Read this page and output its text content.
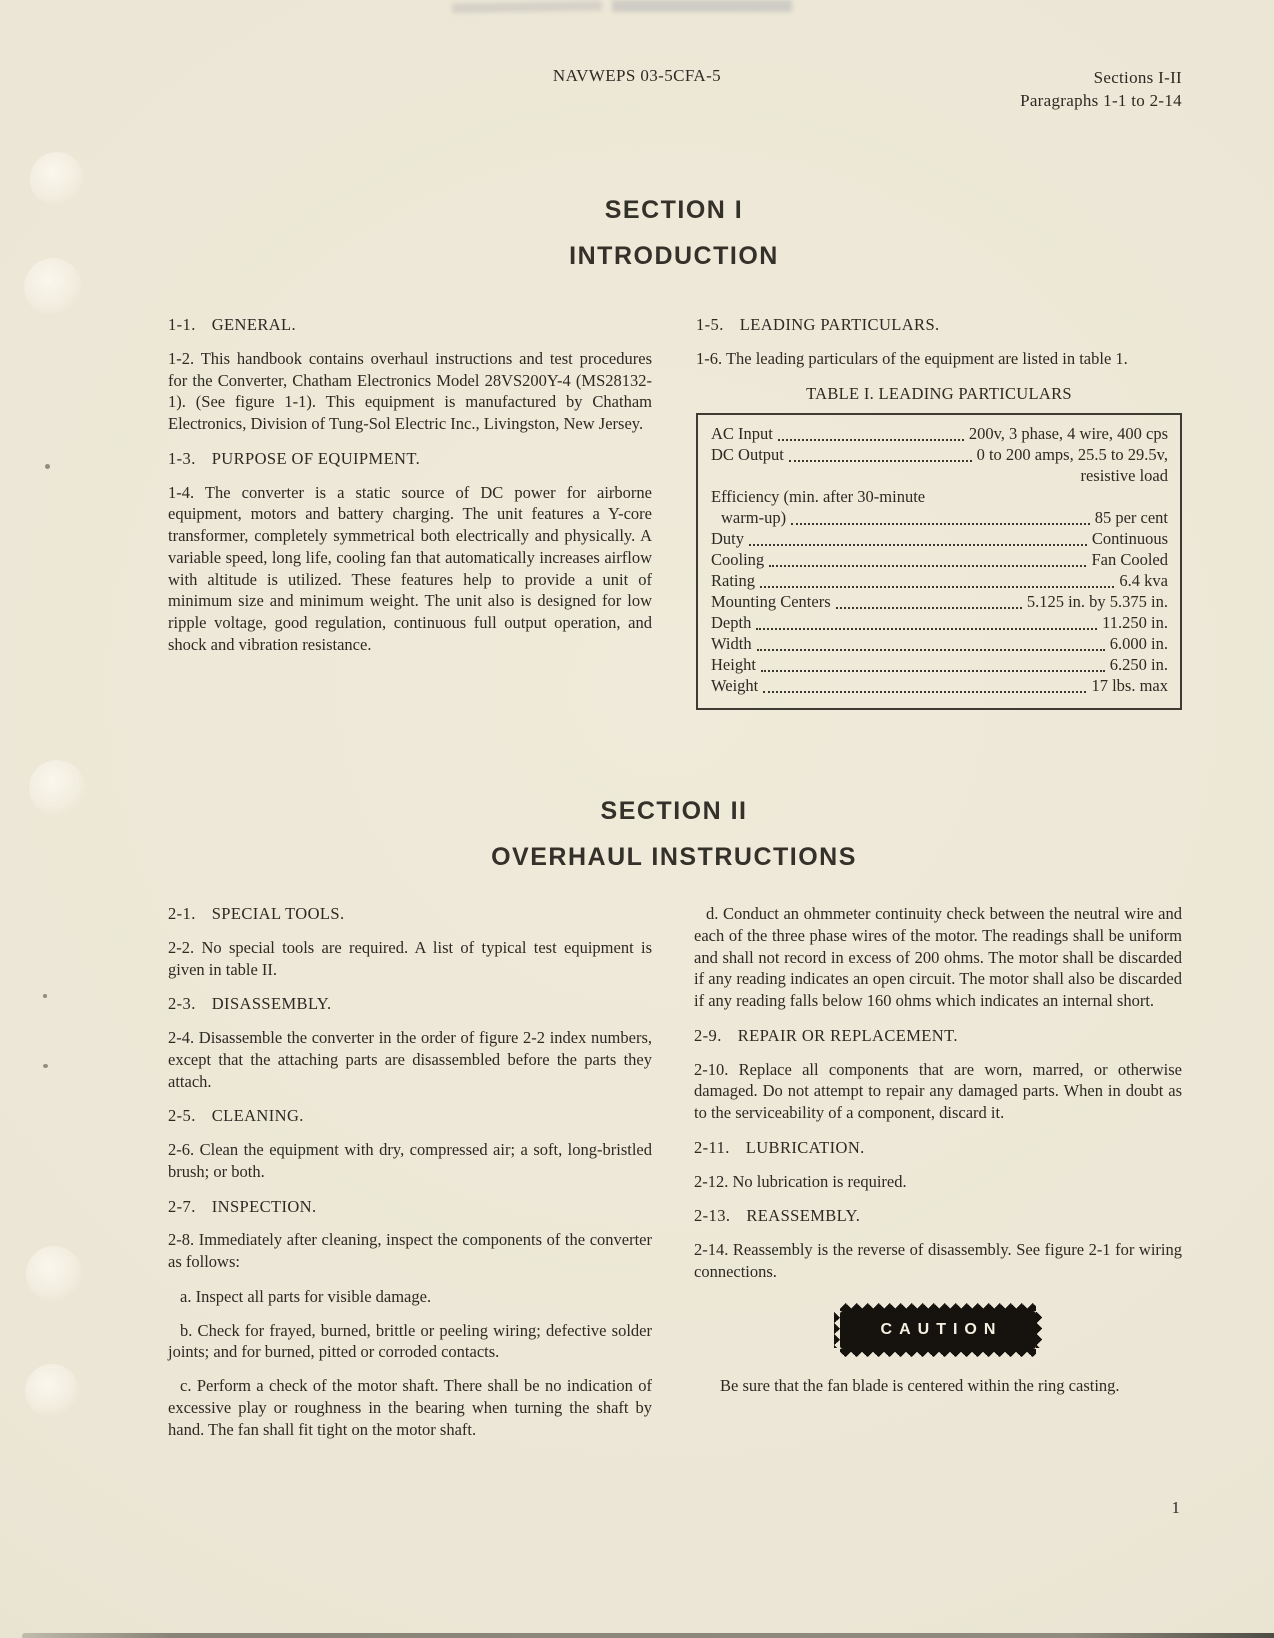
NAVWEPS 03-5CFA-5	Sections I-II
Paragraphs 1-1 to 2-14
SECTION I
INTRODUCTION

1-1. GENERAL.

1-2. This handbook contains overhaul instructions and test procedures for the Converter, Chatham Electronics Model 28VS200Y-4 (MS28132-1). (See figure 1-1). This equipment is manufactured by Chatham Electronics, Division of Tung-Sol Electric Inc., Livingston, New Jersey.

1-3. PURPOSE OF EQUIPMENT.

1-4. The converter is a static source of DC power for airborne equipment, motors and battery charging. The unit features a Y-core transformer, completely symmetrical both electrically and physically. A variable speed, long life, cooling fan that automatically increases airflow with altitude is utilized. These features help to provide a unit of minimum size and minimum weight. The unit also is designed for low ripple voltage, good regulation, continuous full output operation, and shock and vibration resistance.

1-5. LEADING PARTICULARS.

1-6. The leading particulars of the equipment are listed in table 1.

TABLE I. LEADING PARTICULARS
AC Input	200v, 3 phase, 4 wire, 400 cps
DC Output	0 to 200 amps, 25.5 to 29.5v,
resistive load
Efficiency (min. after 30-minute
warm-up)	85 per cent
Duty	Continuous
Cooling	Fan Cooled
Rating	6.4 kva
Mounting Centers	5.125 in. by 5.375 in.
Depth	11.250 in.
Width	6.000 in.
Height	6.250 in.
Weight	17 lbs. max
SECTION II
OVERHAUL INSTRUCTIONS

2-1. SPECIAL TOOLS.

2-2. No special tools are required. A list of typical test equipment is given in table II.

2-3. DISASSEMBLY.

2-4. Disassemble the converter in the order of figure 2-2 index numbers, except that the attaching parts are disassembled before the parts they attach.

2-5. CLEANING.

2-6. Clean the equipment with dry, compressed air; a soft, long-bristled brush; or both.

2-7. INSPECTION.

2-8. Immediately after cleaning, inspect the components of the converter as follows:

a. Inspect all parts for visible damage.

b. Check for frayed, burned, brittle or peeling wiring; defective solder joints; and for burned, pitted or corroded contacts.

c. Perform a check of the motor shaft. There shall be no indication of excessive play or roughness in the bearing when turning the shaft by hand. The fan shall fit tight on the motor shaft.

d. Conduct an ohmmeter continuity check between the neutral wire and each of the three phase wires of the motor. The readings shall be uniform and shall not record in excess of 200 ohms. The motor shall be discarded if any reading indicates an open circuit. The motor shall also be discarded if any reading falls below 160 ohms which indicates an internal short.

2-9. REPAIR OR REPLACEMENT.

2-10. Replace all components that are worn, marred, or otherwise damaged. Do not attempt to repair any damaged parts. When in doubt as to the serviceability of a component, discard it.

2-11. LUBRICATION.

2-12. No lubrication is required.

2-13. REASSEMBLY.

2-14. Reassembly is the reverse of disassembly. See figure 2-1 for wiring connections.

CAUTION

Be sure that the fan blade is centered within the ring casting.

1
